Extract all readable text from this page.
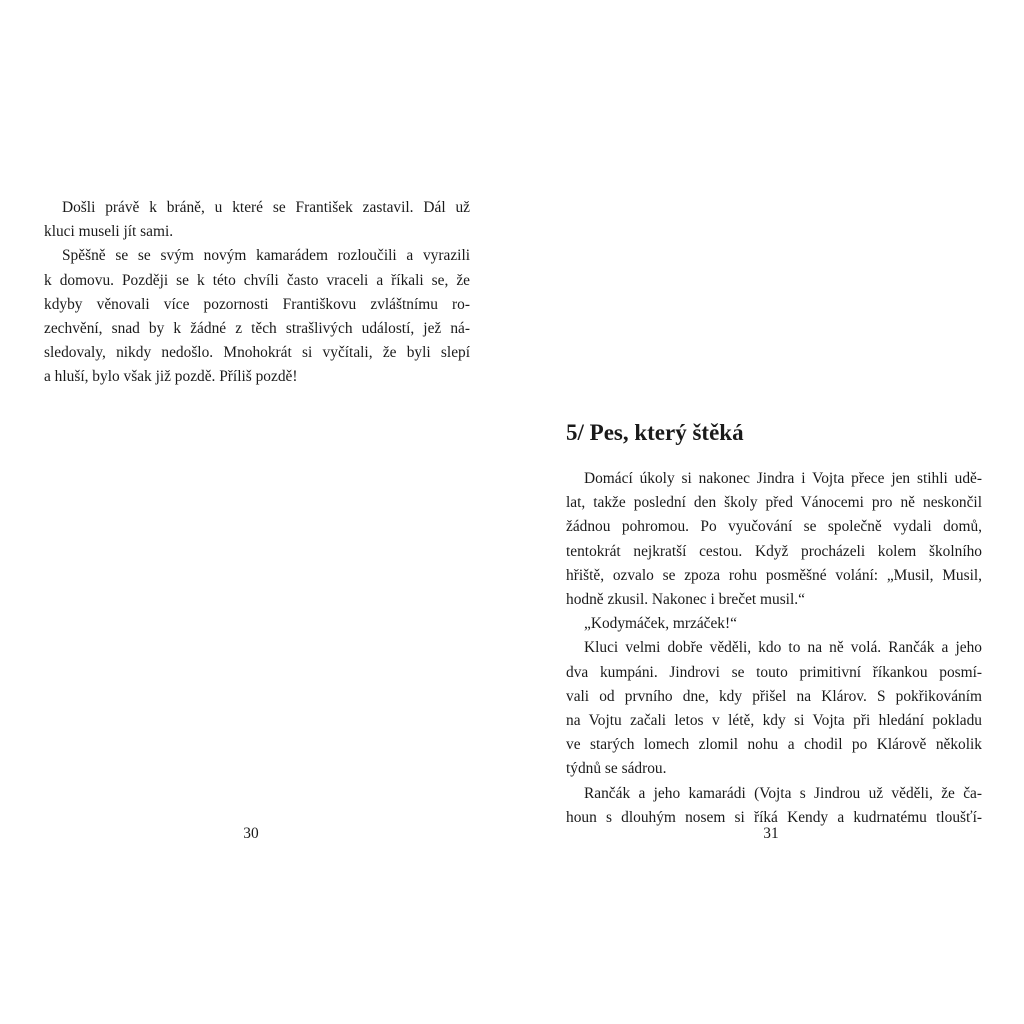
Došli právě k bráně, u které se František zastavil. Dál už
kluci museli jít sami.
Spěšně se se svým novým kamarádem rozloučili a vyrazili
k domovu. Později se k této chvíli často vraceli a říkali se, že
kdyby věnovali více pozornosti Františkovu zvláštnímu ro-
zechvění, snad by k žádné z těch strašlivých událostí, jež ná-
sledovaly, nikdy nedošlo. Mnohokrát si vyčítali, že byli slepí
a hluší, bylo však již pozdě. Příliš pozdě!
30
5/ Pes, který štěká
Domácí úkoly si nakonec Jindra i Vojta přece jen stihli udě-
lat, takže poslední den školy před Vánocemi pro ně neskončil
žádnou pohromou. Po vyučování se společně vydali domů,
tentokrát nejkratší cestou. Když procházeli kolem školního
hřiště, ozvalo se zpoza rohu posměšné volání: „Musil, Musil,
hodně zkusil. Nakonec i brečet musil.“
„Kodymáček, mrzáček!“
Kluci velmi dobře věděli, kdo to na ně volá. Rančák a jeho
dva kumpáni. Jindrovi se touto primitivní říkankou posmí-
vali od prvního dne, kdy přišel na Klárov. S pokřikováním
na Vojtu začali letos v létě, kdy si Vojta při hledání pokladu
ve starých lomech zlomil nohu a chodil po Klárově několik
týdnů se sádrou.
Rančák a jeho kamarádi (Vojta s Jindrou už věděli, že ča-
houn s dlouhým nosem si říká Kendy a kudrnatému tloušťí-
31
